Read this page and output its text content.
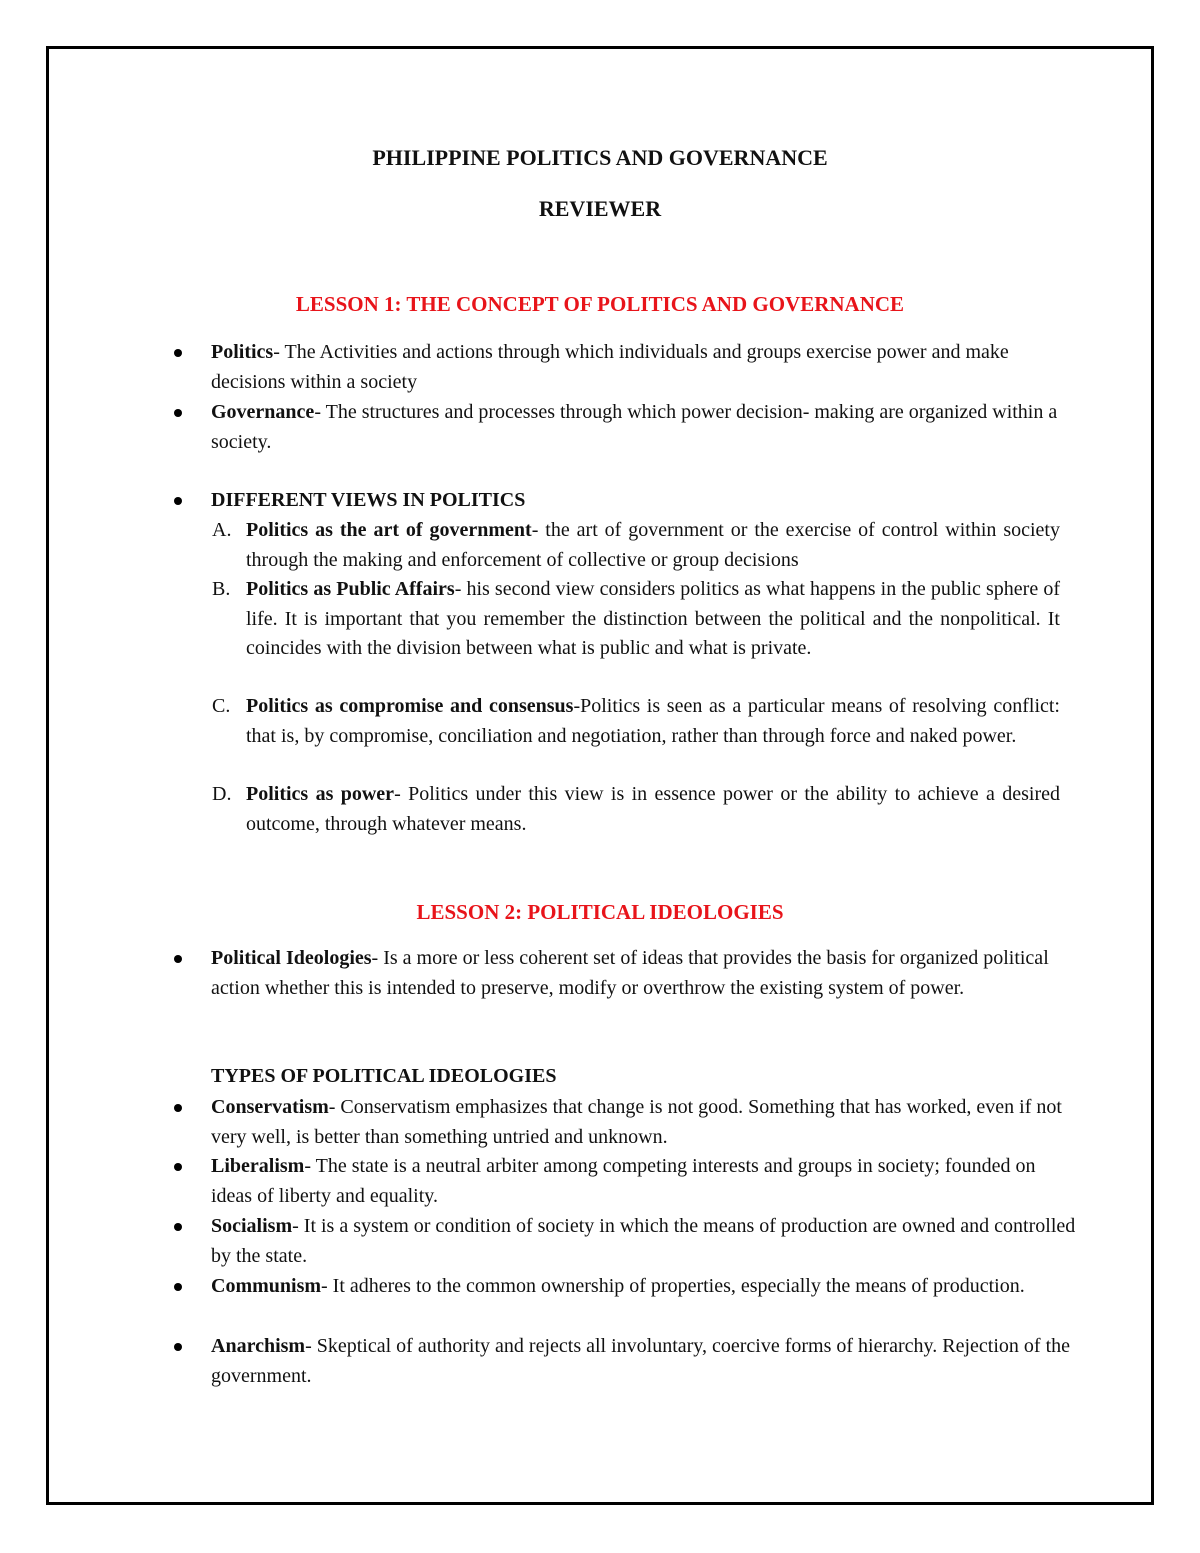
PHILIPPINE POLITICS AND GOVERNANCE
REVIEWER
LESSON 1: THE CONCEPT OF POLITICS AND GOVERNANCE
Politics- The Activities and actions through which individuals and groups exercise power and make decisions within a society
Governance- The structures and processes through which power decision- making are organized within a society.
DIFFERENT VIEWS IN POLITICS
A. Politics as the art of government- the art of government or the exercise of control within society through the making and enforcement of collective or group decisions
B. Politics as Public Affairs- his second view considers politics as what happens in the public sphere of life. It is important that you remember the distinction between the political and the nonpolitical. It coincides with the division between what is public and what is private.
C. Politics as compromise and consensus-Politics is seen as a particular means of resolving conflict: that is, by compromise, conciliation and negotiation, rather than through force and naked power.
D. Politics as power- Politics under this view is in essence power or the ability to achieve a desired outcome, through whatever means.
LESSON 2: POLITICAL IDEOLOGIES
Political Ideologies- Is a more or less coherent set of ideas that provides the basis for organized political action whether this is intended to preserve, modify or overthrow the existing system of power.
TYPES OF POLITICAL IDEOLOGIES
Conservatism- Conservatism emphasizes that change is not good. Something that has worked, even if not very well, is better than something untried and unknown.
Liberalism- The state is a neutral arbiter among competing interests and groups in society; founded on ideas of liberty and equality.
Socialism- It is a system or condition of society in which the means of production are owned and controlled by the state.
Communism- It adheres to the common ownership of properties, especially the means of production.
Anarchism- Skeptical of authority and rejects all involuntary, coercive forms of hierarchy. Rejection of the government.
